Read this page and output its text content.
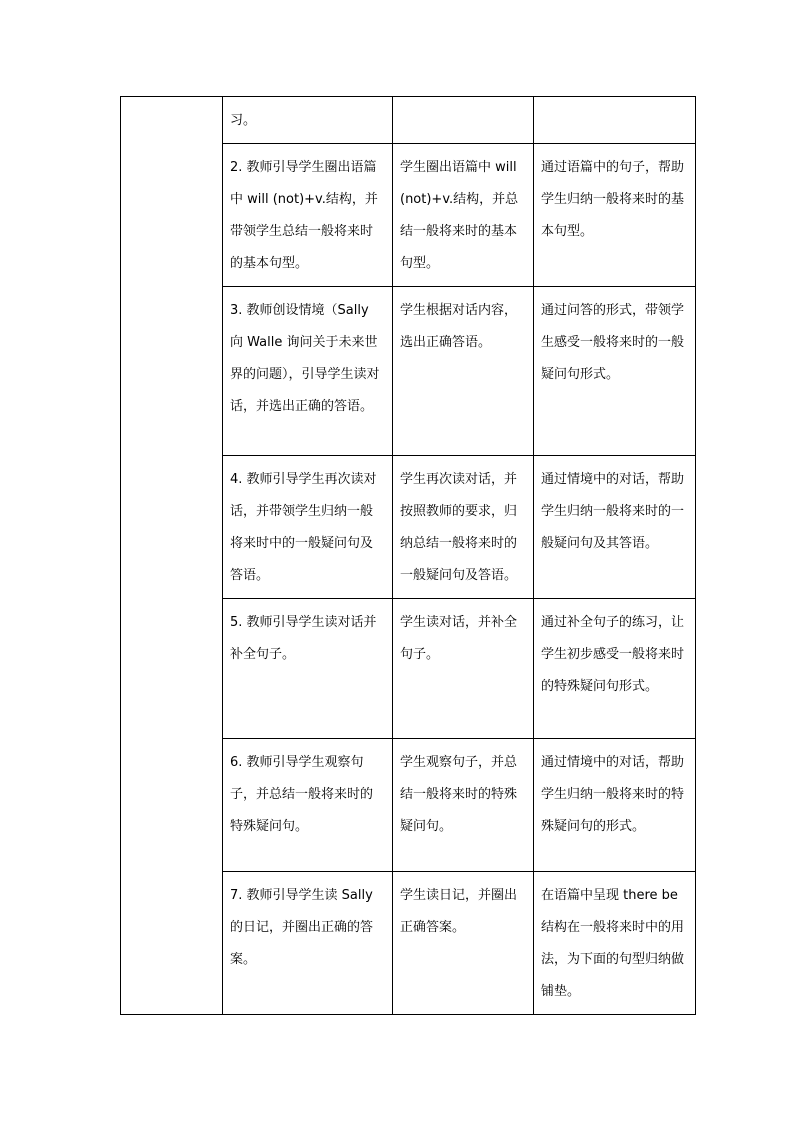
	习。		

	2. 教师引导学生圈出语篇中 will (not)+v.结构，并带领学生总结一般将来时的基本句型。	学生圈出语篇中 will (not)+v.结构，并总结一般将来时的基本句型。	通过语篇中的句子，帮助学生归纳一般将来时的基本句型。

	3. 教师创设情境（Sally 向 Walle 询问关于未来世界的问题），引导学生读对话，并选出正确的答语。	学生根据对话内容，选出正确答语。	通过问答的形式，带领学生感受一般将来时的一般疑问句形式。

	4. 教师引导学生再次读对话，并带领学生归纳一般将来时中的一般疑问句及答语。	学生再次读对话，并按照教师的要求，归纳总结一般将来时的一般疑问句及答语。	通过情境中的对话，帮助学生归纳一般将来时的一般疑问句及其答语。

	5. 教师引导学生读对话并补全句子。	学生读对话，并补全句子。	通过补全句子的练习，让学生初步感受一般将来时的特殊疑问句形式。

	6. 教师引导学生观察句子，并总结一般将来时的特殊疑问句。	学生观察句子，并总结一般将来时的特殊疑问句。	通过情境中的对话，帮助学生归纳一般将来时的特殊疑问句的形式。

	7. 教师引导学生读 Sally 的日记，并圈出正确的答案。	学生读日记，并圈出正确答案。	在语篇中呈现 there be 结构在一般将来时中的用法，为下面的句型归纳做铺垫。
